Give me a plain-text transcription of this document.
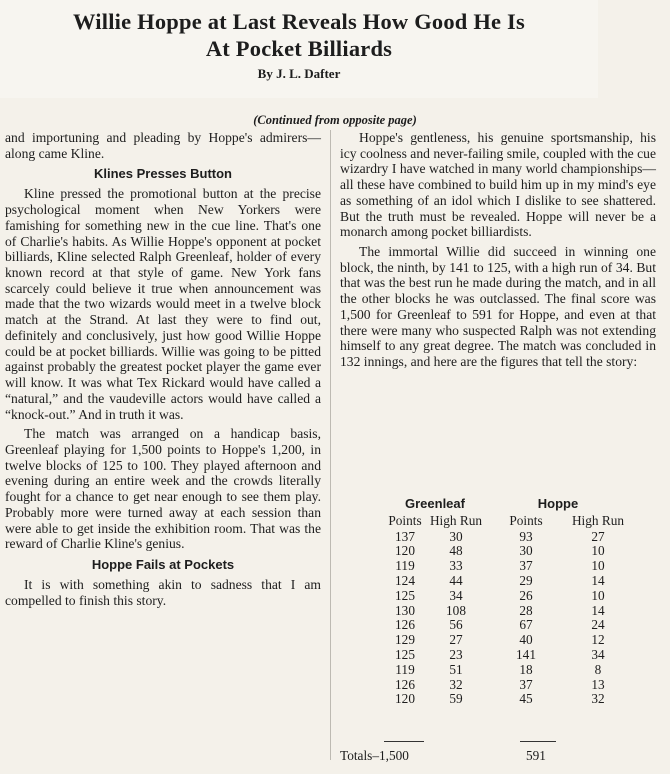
Willie Hoppe at Last Reveals How Good He Is
At Pocket Billiards
By J. L. Dafter
(Continued from opposite page)

and importuning and pleading by Hoppe's admirers—along came Kline.

Klines Presses Button

Kline pressed the promotional button at the precise psychological moment when New Yorkers were famishing for something new in the cue line. That's one of Charlie's habits. As Willie Hoppe's opponent at pocket billiards, Kline selected Ralph Greenleaf, holder of every known record at that style of game. New York fans scarcely could believe it true when announcement was made that the two wizards would meet in a twelve block match at the Strand. At last they were to find out, definitely and conclusively, just how good Willie Hoppe could be at pocket billiards. Willie was going to be pitted against probably the greatest pocket player the game ever will know. It was what Tex Rickard would have called a “natural,” and the vaudeville actors would have called a “knock-out.” And in truth it was.

The match was arranged on a handicap basis, Greenleaf playing for 1,500 points to Hoppe's 1,200, in twelve blocks of 125 to 100. They played afternoon and evening during an entire week and the crowds literally fought for a chance to get near enough to see them play. Probably more were turned away at each session than were able to get inside the exhibition room. That was the reward of Charlie Kline's genius.

Hoppe Fails at Pockets

It is with something akin to sadness that I am compelled to finish this story.

Hoppe's gentleness, his genuine sportsmanship, his icy coolness and never-failing smile, coupled with the cue wizardry I have watched in many world championships—all these have combined to build him up in my mind's eye as something of an idol which I dislike to see shattered. But the truth must be revealed. Hoppe will never be a monarch among pocket billiardists.

The immortal Willie did succeed in winning one block, the ninth, by 141 to 125, with a high run of 34. But that was the best run he made during the match, and in all the other blocks he was outclassed. The final score was 1,500 for Greenleaf to 591 for Hoppe, and even at that there were many who suspected Ralph was not extending himself to any great degree. The match was concluded in 132 innings, and here are the figures that tell the story:

Greenleaf		Hoppe	
Points	High Run	Points	High Run
137	30	93	27
120	48	30	10
119	33	37	10
124	44	29	14
125	34	26	10
130	108	28	14
126	56	67	24
129	27	40	12
125	23	141	34
119	51	18	8
126	32	37	13
120	59	45	32
Totals–1,500	591
